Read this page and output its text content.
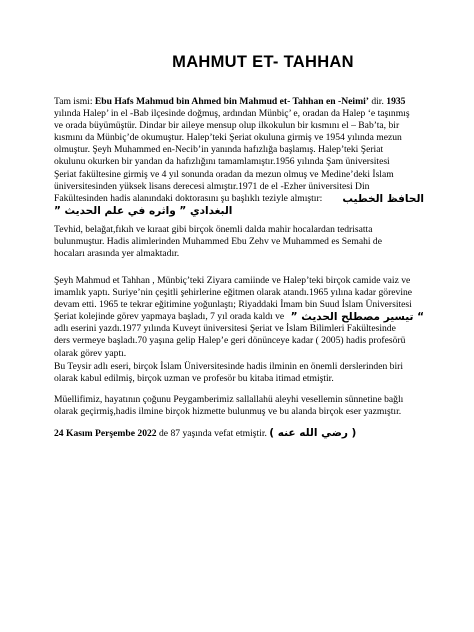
MAHMUT ET- TAHHAN
Tam ismi: Ebu Hafs Mahmud bin Ahmed bin Mahmud et- Tahhan en -Neimi’ dir. 1935
yılında Halep’ in el -Bab ilçesinde doğmuş, ardından Münbiç’ e, oradan da Halep ‘e taşınmış
ve orada büyümüştür. Dindar bir aileye mensup olup ilkokulun bir kısmını el – Bab’ta, bir
kısmını da Münbiç’de okumuştur. Halep’teki Şeriat okuluna girmiş ve 1954 yılında mezun
olmuştur. Şeyh Muhammed en-Necib’in yanında hafızlığa başlamış. Halep’teki Şeriat
okulunu okurken bir yandan da hafızlığını tamamlamıştır.1956 yılında Şam üniversitesi
Şeriat fakültesine girmiş ve 4 yıl sonunda oradan da mezun olmuş ve Medine’deki İslam
üniversitesinden yüksek lisans derecesi almıştır.1971 de el -Ezher üniversitesi Din
Fakültesinden hadis alanındaki doktorasını şu başlıklı teziyle almıştır: الحافظ الخطيب
البغدادي ” واثره في علم الحديث ”
Tevhid, belağat,fıkıh ve kıraat gibi birçok önemli dalda mahir hocalardan tedrisatta
bulunmuştur. Hadis alimlerinden Muhammed Ebu Zehv ve Muhammed es Semahi de
hocaları arasında yer almaktadır.
Şeyh Mahmud et Tahhan , Münbiç’teki Ziyara camiinde ve Halep’teki birçok camide vaiz ve
imamlık yaptı. Suriye’nin çeşitli şehirlerine eğitmen olarak atandı.1965 yılına kadar görevine
devam etti. 1965 te tekrar eğitimine yoğunlaştı; Riyaddaki İmam bin Suud İslam Üniversitesi
Şeriat kolejinde görev yapmaya başladı, 7 yıl orada kaldı ve “ تيسير مصطلح الحديث ”
adlı eserini yazdı.1977 yılında Kuveyt üniversitesi Şeriat ve İslam Bilimleri Fakültesinde
ders vermeye başladı.70 yaşına gelip Halep’e geri dönünceye kadar ( 2005) hadis profesörü
olarak görev yaptı.
Bu Teysir adlı eseri, birçok İslam Üniversitesinde hadis ilminin en önemli derslerinden biri
olarak kabul edilmiş, birçok uzman ve profesör bu kitaba itimad etmiştir.
Müellifimiz, hayatının çoğunu Peygamberimiz sallallahü aleyhi vesellemin sünnetine bağlı
olarak geçirmiş,hadis ilmine birçok hizmette bulunmuş ve bu alanda birçok eser yazmıştır.
24 Kasım Perşembe 2022 de 87 yaşında vefat etmiştir. ( رضي الله عنه )
